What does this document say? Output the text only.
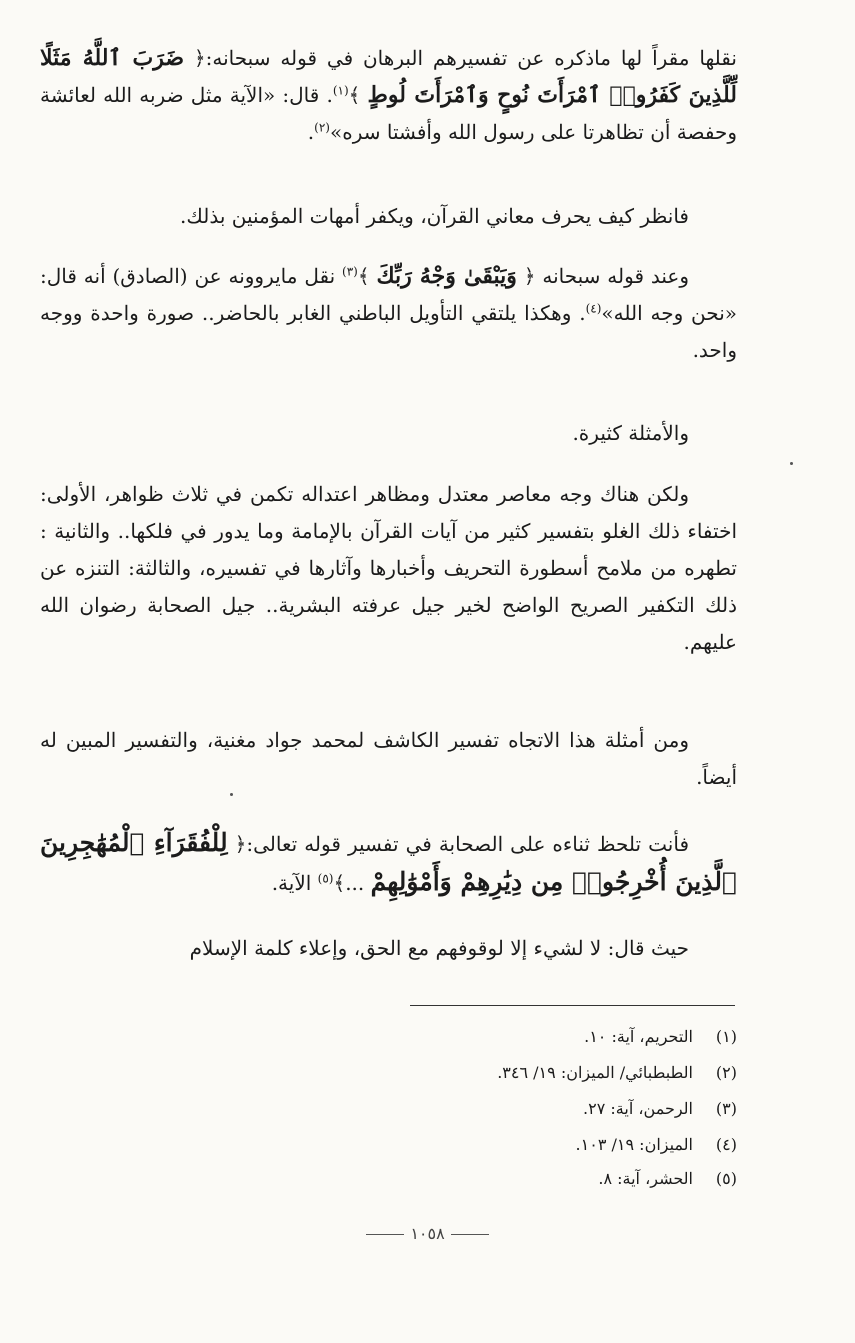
نقلها مقراً لها ماذكره عن تفسيرهم البرهان في قوله سبحانه:﴿ ضَرَبَ ٱللَّهُ مَثَلًا لِّلَّذِينَ كَفَرُوا۟ ٱمْرَأَتَ نُوحٍ وَٱمْرَأَتَ لُوطٍ ﴾$^{(١)}$. قال: «الآية مثل ضربه الله لعائشة وحفصة أن تظاهرتا على رسول الله وأفشتا سره»$^{(٢)}$.
فانظر كيف يحرف معاني القرآن، ويكفر أمهات المؤمنين بذلك.
وعند قوله سبحانه ﴿ وَيَبْقَىٰ وَجْهُ رَبِّكَ ﴾$^{(٣)}$ نقل مايروونه عن (الصادق) أنه قال: «نحن وجه الله»$^{(٤)}$. وهكذا يلتقي التأويل الباطني الغابر بالحاضر.. صورة واحدة ووجه واحد.
والأمثلة كثيرة.
ولكن هناك وجه معاصر معتدل ومظاهر اعتداله تكمن في ثلاث ظواهر، الأولى: اختفاء ذلك الغلو بتفسير كثير من آيات القرآن بالإمامة وما يدور في فلكها.. والثانية : تطهره من ملامح أسطورة التحريف وأخبارها وآثارها في تفسيره، والثالثة: التنزه عن ذلك التكفير الصريح الواضح لخير جيل عرفته البشرية.. جيل الصحابة رضوان الله عليهم.
ومن أمثلة هذا الاتجاه تفسير الكاشف لمحمد جواد مغنية، والتفسير المبين له أيضاً.
فأنت تلحظ ثناءه على الصحابة في تفسير قوله تعالى:﴿ لِلْفُقَرَآءِ ٱلْمُهَٰجِرِينَ ٱلَّذِينَ أُخْرِجُوا۟ مِن دِيَٰرِهِمْ وَأَمْوَٰلِهِمْ ...﴾$^{(٥)}$ الآية.
حيث قال: لا لشيء إلا لوقوفهم مع الحق، وإعلاء كلمة الإسلام
(١)التحريم، آية: ١٠.
(٢)الطبطبائي/ الميزان: ١٩/ ٣٤٦.
(٣)الرحمن، آية: ٢٧.
(٤)الميزان: ١٩/ ١٠٣.
(٥)الحشر، آية: ٨.
١٠٥٨
